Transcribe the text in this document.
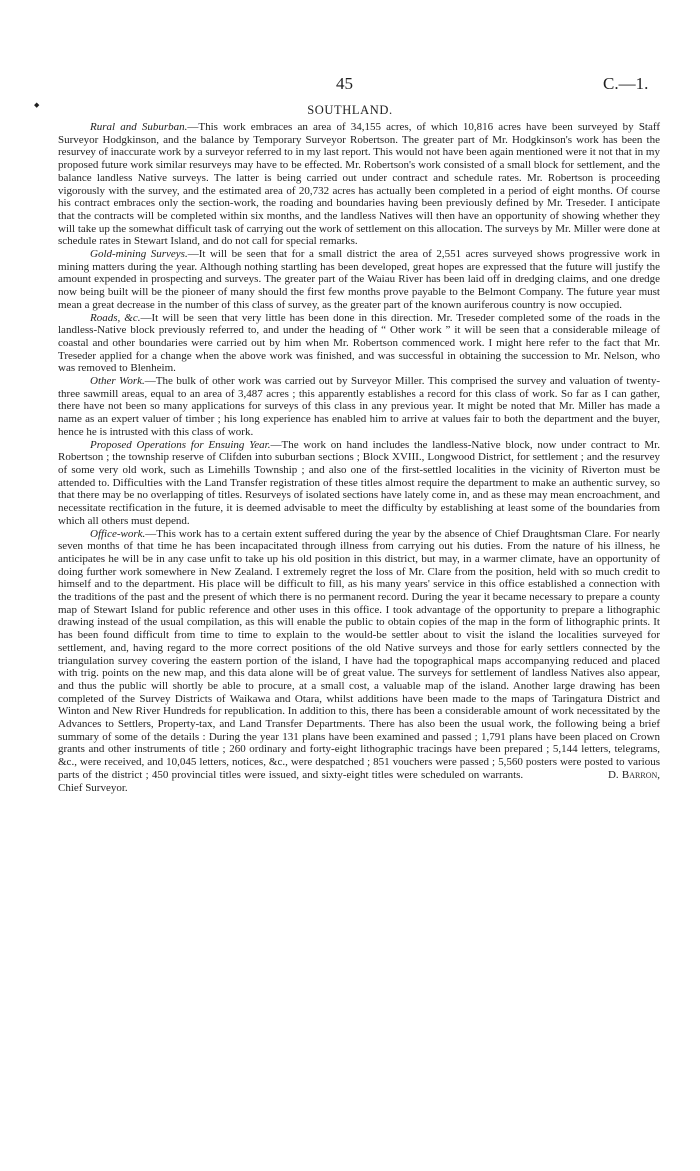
◆
45	C.—1.
SOUTHLAND.

Rural and Suburban.—This work embraces an area of 34,155 acres, of which 10,816 acres have been surveyed by Staff Surveyor Hodgkinson, and the balance by Temporary Surveyor Robertson. The greater part of Mr. Hodgkinson's work has been the resurvey of inaccurate work by a surveyor referred to in my last report. This would not have been again mentioned were it not that in my proposed future work similar resurveys may have to be effected. Mr. Robertson's work consisted of a small block for settlement, and the balance landless Native surveys. The latter is being carried out under contract and schedule rates. Mr. Robertson is proceeding vigorously with the survey, and the estimated area of 20,732 acres has actually been completed in a period of eight months. Of course his contract embraces only the section-work, the roading and boundaries having been previously defined by Mr. Treseder. I anticipate that the contracts will be completed within six months, and the landless Natives will then have an opportunity of showing whether they will take up the somewhat difficult task of carrying out the work of settlement on this allocation. The surveys by Mr. Miller were done at schedule rates in Stewart Island, and do not call for special remarks.

Gold-mining Surveys.—It will be seen that for a small district the area of 2,551 acres surveyed shows progressive work in mining matters during the year. Although nothing startling has been developed, great hopes are expressed that the future will justify the amount expended in prospecting and surveys. The greater part of the Waiau River has been laid off in dredging claims, and one dredge now being built will be the pioneer of many should the first few months prove payable to the Belmont Company. The future year must mean a great decrease in the number of this class of survey, as the greater part of the known auriferous country is now occupied.

Roads, &c.—It will be seen that very little has been done in this direction. Mr. Treseder completed some of the roads in the landless-Native block previously referred to, and under the heading of “ Other work ” it will be seen that a considerable mileage of coastal and other boundaries were carried out by him when Mr. Robertson commenced work. I might here refer to the fact that Mr. Treseder applied for a change when the above work was finished, and was successful in obtaining the succession to Mr. Nelson, who was removed to Blenheim.

Other Work.—The bulk of other work was carried out by Surveyor Miller. This comprised the survey and valuation of twenty-three sawmill areas, equal to an area of 3,487 acres ; this apparently establishes a record for this class of work. So far as I can gather, there have not been so many applications for surveys of this class in any previous year. It might be noted that Mr. Miller has made a name as an expert valuer of timber ; his long experience has enabled him to arrive at values fair to both the department and the buyer, hence he is intrusted with this class of work.

Proposed Operations for Ensuing Year.—The work on hand includes the landless-Native block, now under contract to Mr. Robertson ; the township reserve of Clifden into suburban sections ; Block XVIII., Longwood District, for settlement ; and the resurvey of some very old work, such as Limehills Township ; and also one of the first-settled localities in the vicinity of Riverton must be attended to. Difficulties with the Land Transfer registration of these titles almost require the department to make an authentic survey, so that there may be no overlapping of titles. Resurveys of isolated sections have lately come in, and as these may mean encroachment, and necessitate rectification in the future, it is deemed advisable to meet the difficulty by establishing at least some of the boundaries from which all others must depend.

Office-work.—This work has to a certain extent suffered during the year by the absence of Chief Draughtsman Clare. For nearly seven months of that time he has been incapacitated through illness from carrying out his duties. From the nature of his illness, he anticipates he will be in any case unfit to take up his old position in this district, but may, in a warmer climate, have an opportunity of doing further work somewhere in New Zealand. I extremely regret the loss of Mr. Clare from the position, held with so much credit to himself and to the department. His place will be difficult to fill, as his many years' service in this office established a connection with the traditions of the past and the present of which there is no permanent record. During the year it became necessary to prepare a county map of Stewart Island for public reference and other uses in this office. I took advantage of the opportunity to prepare a lithographic drawing instead of the usual compilation, as this will enable the public to obtain copies of the map in the form of lithographic prints. It has been found difficult from time to time to explain to the would-be settler about to visit the island the localities surveyed for settlement, and, having regard to the more correct positions of the old Native surveys and those for early settlers connected by the triangulation survey covering the eastern portion of the island, I have had the topographical maps accompanying reduced and placed with trig. points on the new map, and this data alone will be of great value. The surveys for settlement of landless Natives also appear, and thus the public will shortly be able to procure, at a small cost, a valuable map of the island. Another large drawing has been completed of the Survey Districts of Waikawa and Otara, whilst additions have been made to the maps of Taringatura District and Winton and New River Hundreds for republication. In addition to this, there has been a considerable amount of work necessitated by the Advances to Settlers, Property-tax, and Land Transfer Departments. There has also been the usual work, the following being a brief summary of some of the details : During the year 131 plans have been examined and passed ; 1,791 plans have been placed on Crown grants and other instruments of title ; 260 ordinary and forty-eight lithographic tracings have been prepared ; 5,144 letters, telegrams, &c., were received, and 10,045 letters, notices, &c., were despatched ; 851 vouchers were passed ; 5,560 posters were posted to various parts of the district ; 450 provincial titles were issued, and sixty-eight titles were scheduled on warrants.	D. Barron, Chief Surveyor.
